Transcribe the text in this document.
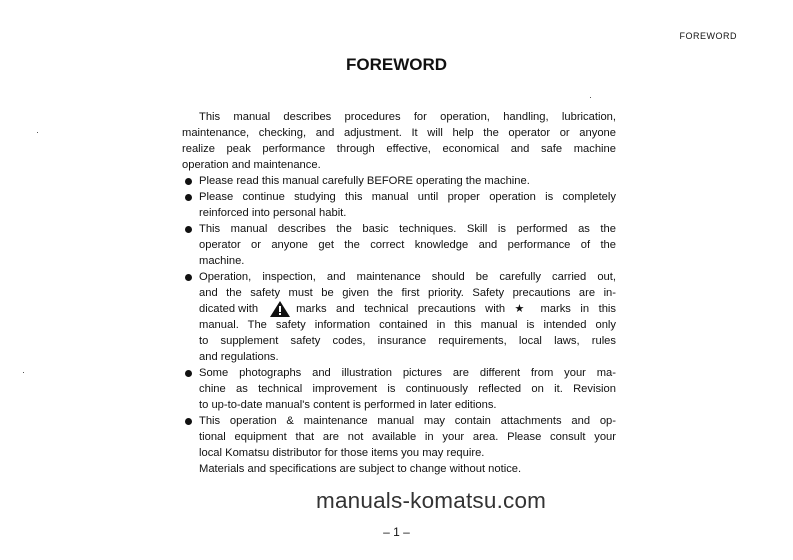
FOREWORD
FOREWORD
This manual describes procedures for operation, handling, lubrication,
maintenance, checking, and adjustment. It will help the operator or anyone
realize peak performance through effective, economical and safe machine
operation and maintenance.
Please read this manual carefully BEFORE operating the machine.
Please continue studying this manual until proper operation is completely
reinforced into personal habit.
This manual describes the basic techniques. Skill is performed as the
operator or anyone get the correct knowledge and performance of the
machine.
Operation, inspection, and maintenance should be carefully carried out,
and the safety must be given the first priority. Safety precautions are in-
dicated with	marks and technical precautions with ★ marks in this
manual. The safety information contained in this manual is intended only
to supplement safety codes, insurance requirements, local laws, rules
and regulations.
Some photographs and illustration pictures are different from your ma-
chine as technical improvement is continuously reflected on it. Revision
to up-to-date manual's content is performed in later editions.
This operation & maintenance manual may contain attachments and op-
tional equipment that are not available in your area. Please consult your
local Komatsu distributor for those items you may require.
Materials and specifications are subject to change without notice.
manuals-komatsu.com
– 1 –
